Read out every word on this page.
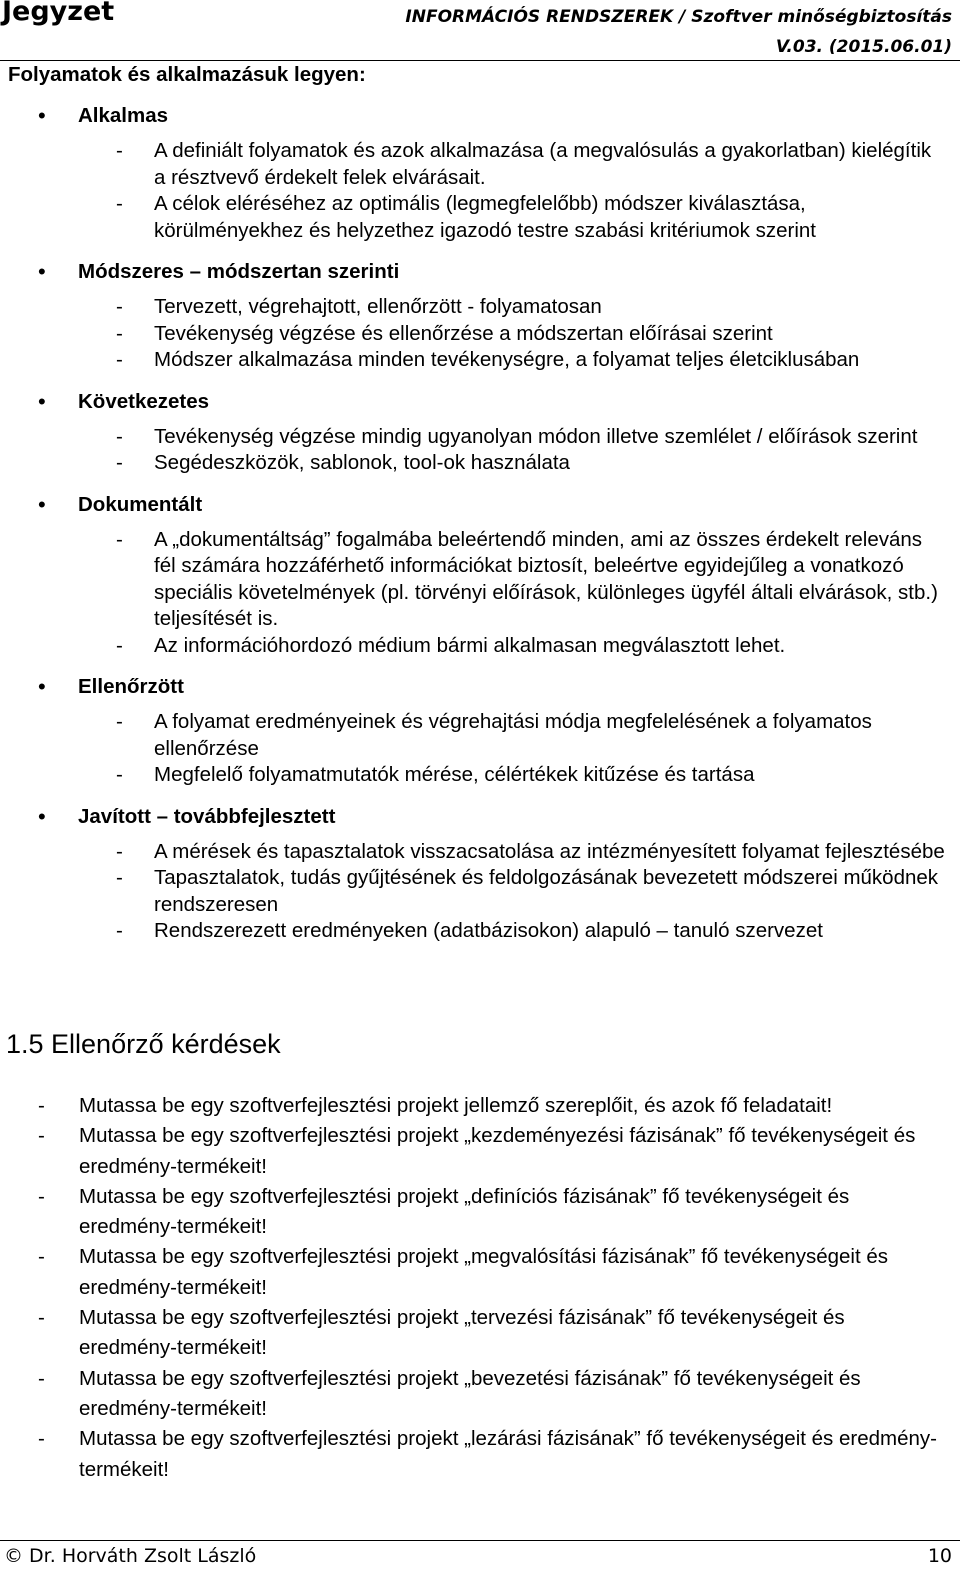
Jegyzet	INFORMÁCIÓS RENDSZEREK / Szoftver minőségbiztosítás
V.03. (2015.06.01)
Folyamatok és alkalmazásuk legyen:
• Alkalmas
- A definiált folyamatok és azok alkalmazása (a megvalósulás a gyakorlatban) kielégítik a résztvevő érdekelt felek elvárásait.
- A célok eléréséhez az optimális (legmegfelelőbb) módszer kiválasztása, körülményekhez és helyzethez igazodó testre szabási kritériumok szerint
• Módszeres – módszertan szerinti
- Tervezett, végrehajtott, ellenőrzött - folyamatosan
- Tevékenység végzése és ellenőrzése a módszertan előírásai szerint
- Módszer alkalmazása minden tevékenységre, a folyamat teljes életciklusában
• Következetes
- Tevékenység végzése mindig ugyanolyan módon illetve szemlélet / előírások szerint
- Segédeszközök, sablonok, tool-ok használata
• Dokumentált
- A „dokumentáltság” fogalmába beleértendő minden, ami az összes érdekelt releváns fél számára hozzáférhető információkat biztosít, beleértve egyidejűleg a vonatkozó speciális követelmények (pl. törvényi előírások, különleges ügyfél általi elvárások, stb.) teljesítését is.
- Az információhordozó médium bármi alkalmasan megválasztott lehet.
• Ellenőrzött
- A folyamat eredményeinek és végrehajtási módja megfelelésének a folyamatos ellenőrzése
- Megfelelő folyamatmutatók mérése, célértékek kitűzése és tartása
• Javított – továbbfejlesztett
- A mérések és tapasztalatok visszacsatolása az intézményesített folyamat fejlesztésébe
- Tapasztalatok, tudás gyűjtésének és feldolgozásának bevezetett módszerei működnek rendszeresen
- Rendszerezett eredményeken (adatbázisokon) alapuló – tanuló szervezet
1.5 Ellenőrző kérdések
- Mutassa be egy szoftverfejlesztési projekt jellemző szereplőit, és azok fő feladatait!
- Mutassa be egy szoftverfejlesztési projekt „kezdeményezési fázisának” fő tevékenységeit és eredmény-termékeit!
- Mutassa be egy szoftverfejlesztési projekt „definíciós fázisának” fő tevékenységeit és eredmény-termékeit!
- Mutassa be egy szoftverfejlesztési projekt „megvalósítási fázisának” fő tevékenységeit és eredmény-termékeit!
- Mutassa be egy szoftverfejlesztési projekt „tervezési fázisának” fő tevékenységeit és eredmény-termékeit!
- Mutassa be egy szoftverfejlesztési projekt „bevezetési fázisának” fő tevékenységeit és eredmény-termékeit!
- Mutassa be egy szoftverfejlesztési projekt „lezárási fázisának” fő tevékenységeit és eredmény-termékeit!
© Dr. Horváth Zsolt László	10
